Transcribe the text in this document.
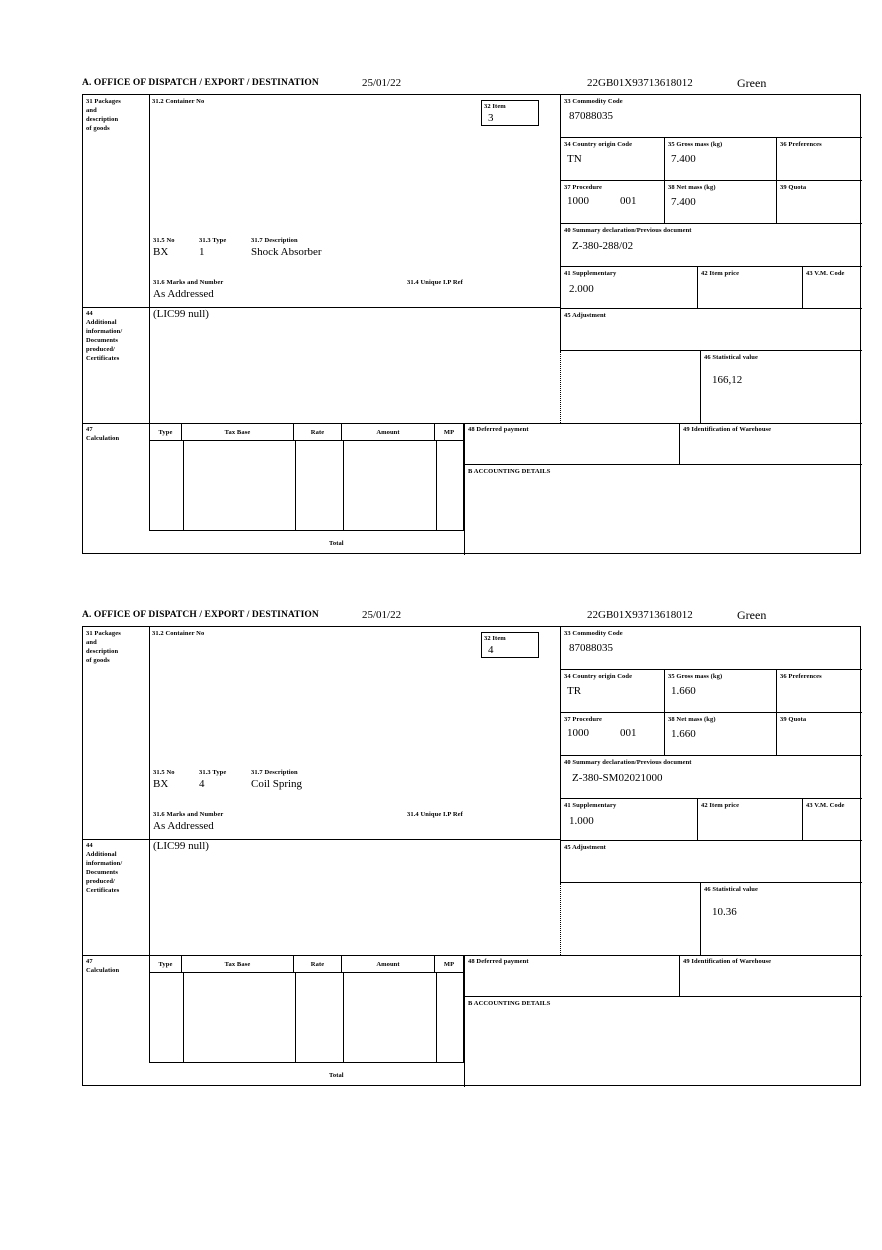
A. OFFICE OF DISPATCH / EXPORT / DESTINATION	25/01/22	22GB01X93713618012	Green
31 Packages
and
description
of goods
31.2 Container No
32 Item
3
31.5 No	31.3 Type	31.7 Description
BX	1	Shock Absorber
31.6 Marks and Number	31.4 Unique I.P Ref
As Addressed
44
Additional
information/
Documents
produced/
Certificates
(LIC99 null)
33 Commodity Code
87088035
34 Country origin Code
TN
35 Gross mass (kg)
7.400
36 Preferences
37 Procedure
1000	001
38 Net mass (kg)
7.400
39 Quota
40 Summary declaration/Previous document
Z-380-288/02
41 Supplementary
2.000
42 Item price	43 V.M. Code
45 Adjustment
46 Statistical value
166,12
47
Calculation
Type	Tax Base	Rate	Amount	MP
Total
48 Deferred payment	49 Identification of Warehouse
B ACCOUNTING DETAILS
A. OFFICE OF DISPATCH / EXPORT / DESTINATION	25/01/22	22GB01X93713618012	Green
31 Packages
and
description
of goods
31.2 Container No
32 Item
4
31.5 No	31.3 Type	31.7 Description
BX	4	Coil Spring
31.6 Marks and Number	31.4 Unique I.P Ref
As Addressed
44
Additional
information/
Documents
produced/
Certificates
(LIC99 null)
33 Commodity Code
87088035
34 Country origin Code
TR
35 Gross mass (kg)
1.660
36 Preferences
37 Procedure
1000	001
38 Net mass (kg)
1.660
39 Quota
40 Summary declaration/Previous document
Z-380-SM02021000
41 Supplementary
1.000
42 Item price	43 V.M. Code
45 Adjustment
46 Statistical value
10.36
47
Calculation
Type	Tax Base	Rate	Amount	MP
Total
48 Deferred payment	49 Identification of Warehouse
B ACCOUNTING DETAILS
